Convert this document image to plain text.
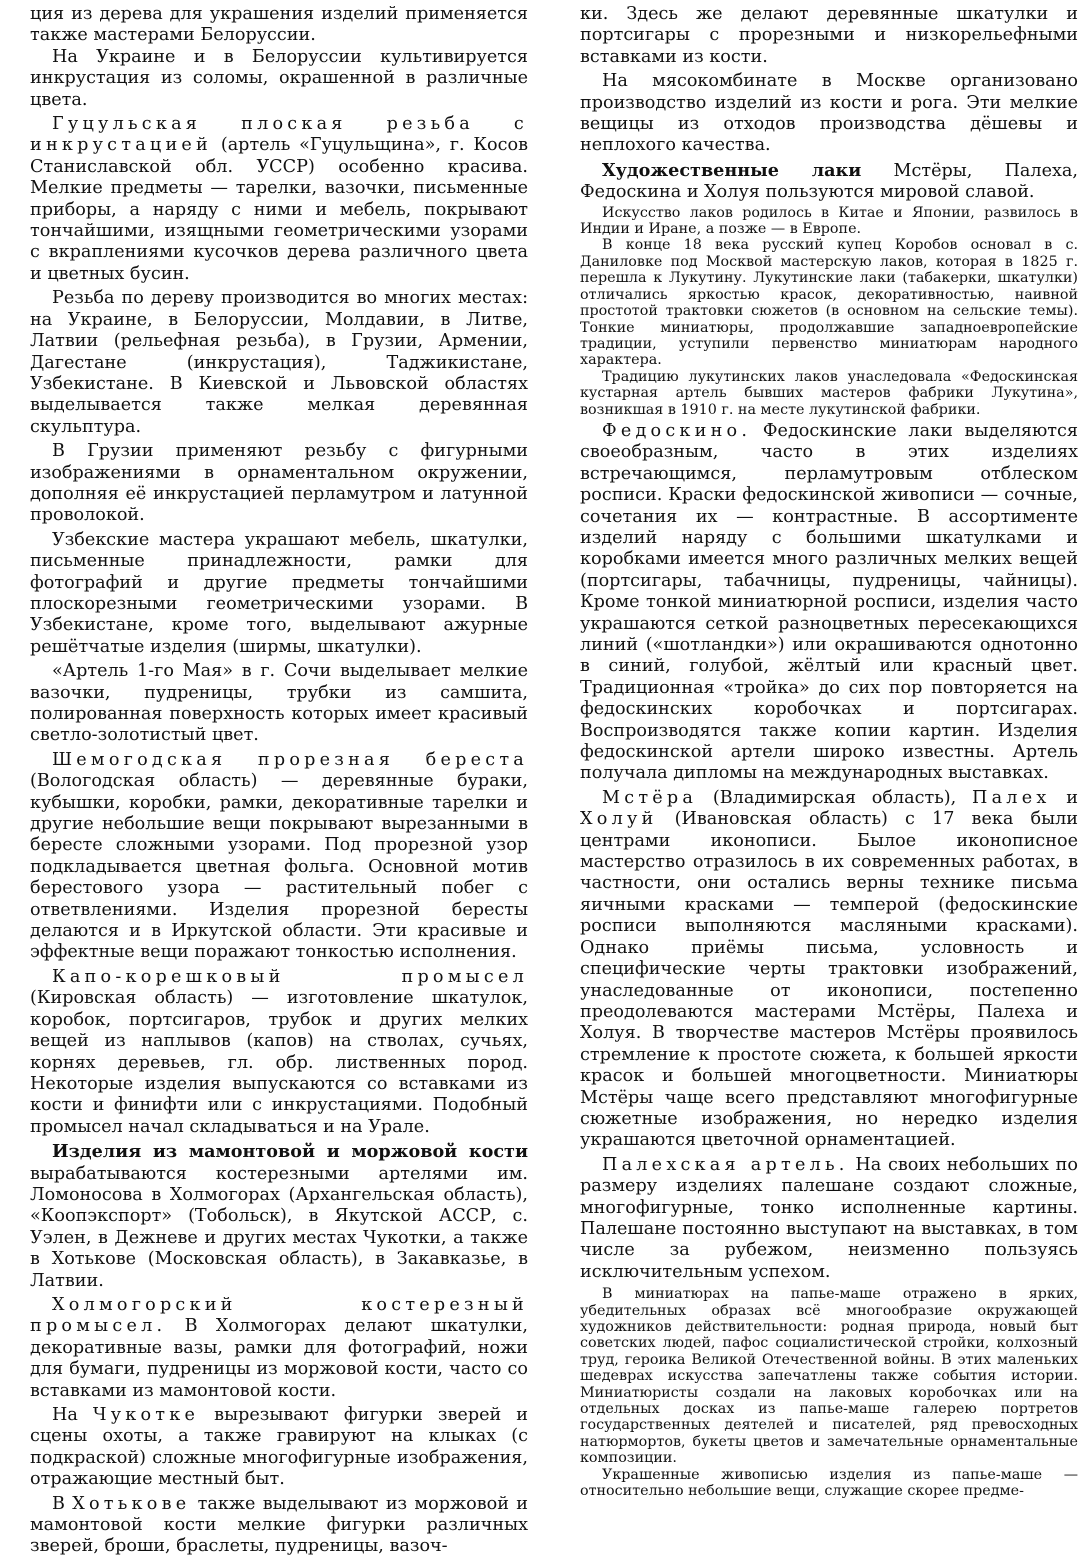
ция из дерева для украшения изделий применяется также мастерами Белоруссии.

На Украине и в Белоруссии культивируется инкрустация из соломы, окрашенной в различные цвета.

Гуцульская плоская резьба с инкрустацией (артель «Гуцульщина», г. Косов Станиславской обл. УССР) особенно красива. Мелкие предметы — тарелки, вазочки, письменные приборы, а наряду с ними и мебель, покрывают тончайшими, изящными геометрическими узорами с вкраплениями кусочков дерева различного цвета и цветных бусин.

Резьба по дереву производится во многих местах: на Украине, в Белоруссии, Молдавии, в Литве, Латвии (рельефная резьба), в Грузии, Армении, Дагестане (инкрустация), Таджикистане, Узбекистане. В Киевской и Львовской областях выделывается также мелкая деревянная скульптура.

В Грузии применяют резьбу с фигурными изображениями в орнаментальном окружении, дополняя её инкрустацией перламутром и латунной проволокой.

Узбекские мастера украшают мебель, шкатулки, письменные принадлежности, рамки для фотографий и другие предметы тончайшими плоскорезными геометрическими узорами. В Узбекистане, кроме того, выделывают ажурные решётчатые изделия (ширмы, шкатулки).

«Артель 1-го Мая» в г. Сочи выделывает мелкие вазочки, пудреницы, трубки из самшита, полированная поверхность которых имеет красивый светло-золотистый цвет.

Шемогодская прорезная береста (Вологодская область) — деревянные бураки, кубышки, коробки, рамки, декоративные тарелки и другие небольшие вещи покрывают вырезанными в бересте сложными узорами. Под прорезной узор подкладывается цветная фольга. Основной мотив берестового узора — растительный побег с ответвлениями. Изделия прорезной бересты делаются и в Иркутской области. Эти красивые и эффектные вещи поражают тонкостью исполнения.

Капо-корешковый промысел (Кировская область) — изготовление шкатулок, коробок, портсигаров, трубок и других мелких вещей из наплывов (капов) на стволах, сучьях, корнях деревьев, гл. обр. лиственных пород. Некоторые изделия выпускаются со вставками из кости и финифти или с инкрустациями. Подобный промысел начал складываться и на Урале.

Изделия из мамонтовой и моржовой кости вырабатываются костерезными артелями им. Ломоносова в Холмогорах (Архангельская область), «Коопэкспорт» (Тобольск), в Якутской АССР, с. Уэлен, в Дежневе и других местах Чукотки, а также в Хотькове (Московская область), в Закавказье, в Латвии.

Холмогорский костерезный промысел. В Холмогорах делают шкатулки, декоративные вазы, рамки для фотографий, ножи для бумаги, пудреницы из моржовой кости, часто со вставками из мамонтовой кости.

На Чукотке вырезывают фигурки зверей и сцены охоты, а также гравируют на клыках (с подкраской) сложные многофигурные изображения, отражающие местный быт.

В Хотькове также выделывают из моржовой и мамонтовой кости мелкие фигурки различных зверей, броши, браслеты, пудреницы, вазоч-

ки. Здесь же делают деревянные шкатулки и портсигары с прорезными и низкорельефными вставками из кости.

На мясокомбинате в Москве организовано производство изделий из кости и рога. Эти мелкие вещицы из отходов производства дёшевы и неплохого качества.

Художественные лаки Мстёры, Палеха, Федоскина и Холуя пользуются мировой славой.

Искусство лаков родилось в Китае и Японии, развилось в Индии и Иране, а позже — в Европе.

В конце 18 века русский купец Коробов основал в с. Даниловке под Москвой мастерскую лаков, которая в 1825 г. перешла к Лукутину. Лукутинские лаки (табакерки, шкатулки) отличались яркостью красок, декоративностью, наивной простотой трактовки сюжетов (в основном на сельские темы). Тонкие миниатюры, продолжавшие западноевропейские традиции, уступили первенство миниатюрам народного характера.

Традицию лукутинских лаков унаследовала «Федоскинская кустарная артель бывших мастеров фабрики Лукутина», возникшая в 1910 г. на месте лукутинской фабрики.

Федоскино. Федоскинские лаки выделяются своеобразным, часто в этих изделиях встречающимся, перламутровым отблеском росписи. Краски федоскинской живописи — сочные, сочетания их — контрастные. В ассортименте изделий наряду с большими шкатулками и коробками имеется много различных мелких вещей (портсигары, табачницы, пудреницы, чайницы). Кроме тонкой миниатюрной росписи, изделия часто украшаются сеткой разноцветных пересекающихся линий («шотландки») или окрашиваются однотонно в синий, голубой, жёлтый или красный цвет. Традиционная «тройка» до сих пор повторяется на федоскинских коробочках и портсигарах. Воспроизводятся также копии картин. Изделия федоскинской артели широко известны. Артель получала дипломы на международных выставках.

Мстёра (Владимирская область), Палех и Холуй (Ивановская область) с 17 века были центрами иконописи. Былое иконописное мастерство отразилось в их современных работах, в частности, они остались верны технике письма яичными красками — темперой (федоскинские росписи выполняются масляными красками). Однако приёмы письма, условность и специфические черты трактовки изображений, унаследованные от иконописи, постепенно преодолеваются мастерами Мстёры, Палеха и Холуя. В творчестве мастеров Мстёры проявилось стремление к простоте сюжета, к большей яркости красок и большей многоцветности. Миниатюры Мстёры чаще всего представляют многофигурные сюжетные изображения, но нередко изделия украшаются цветочной орнаментацией.

Палехская артель. На своих небольших по размеру изделиях палешане создают сложные, многофигурные, тонко исполненные картины. Палешане постоянно выступают на выставках, в том числе за рубежом, неизменно пользуясь исключительным успехом.

В миниатюрах на папье-маше отражено в ярких, убедительных образах всё многообразие окружающей художников действительности: родная природа, новый быт советских людей, пафос социалистической стройки, колхозный труд, героика Великой Отечественной войны. В этих маленьких шедеврах искусства запечатлены также события истории. Миниатюристы создали на лаковых коробочках или на отдельных досках из папье-маше галерею портретов государственных деятелей и писателей, ряд превосходных натюрмортов, букеты цветов и замечательные орнаментальные композиции.

Украшенные живописью изделия из папье-маше — относительно небольшие вещи, служащие скорее предме-
